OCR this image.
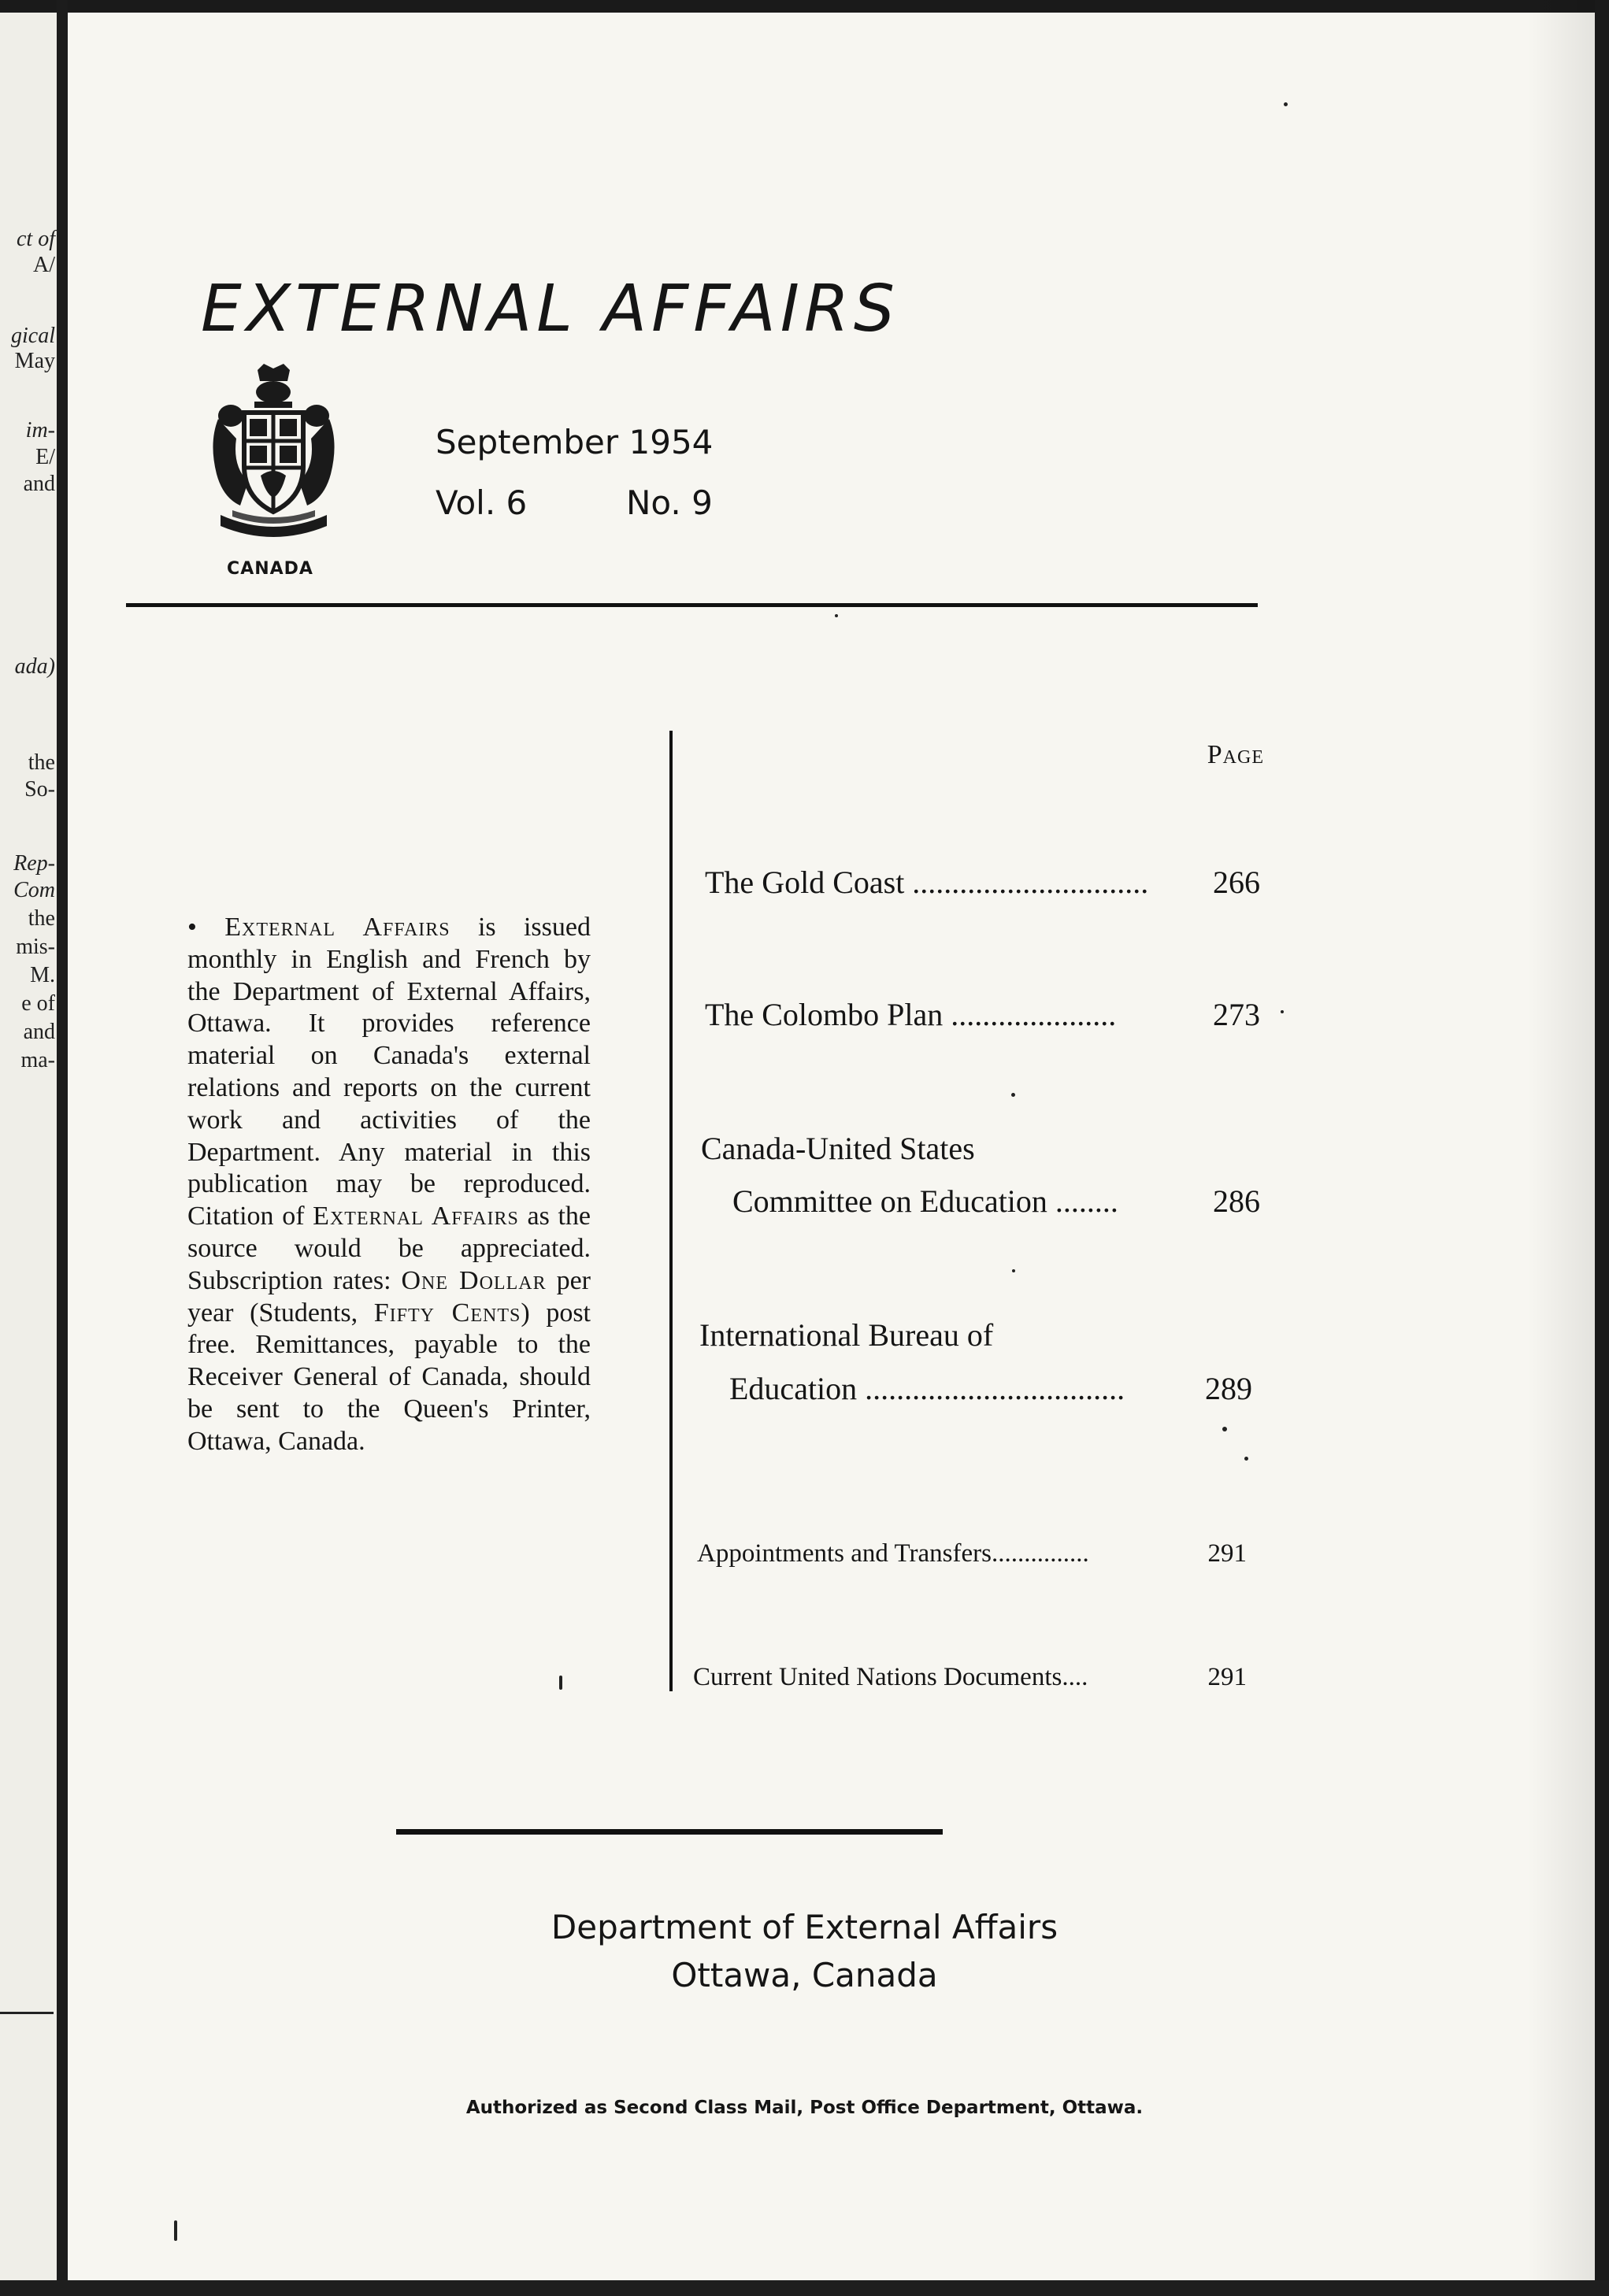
ct of
A/
gical
May
im-
E/
and
ada)
the
So-
Rep-
Com
the
mis-
M.
e of
and
ma-
EXTERNAL AFFAIRS
CANADA
September 1954
Vol. 6	No. 9
• External Affairs is issued monthly in English and French by the Department of External Affairs, Ottawa. It provides reference material on Canada's external relations and reports on the current work and activities of the Department. Any material in this publication may be reproduced. Citation of External Affairs as the source would be appreciated. Subscription rates: One Dollar per year (Students, Fifty Cents) post free. Remittances, payable to the Receiver General of Canada, should be sent to the Queen's Printer, Ottawa, Canada.
Page
The Gold Coast ..............................	266
The Colombo Plan .....................	273
Canada-United States
Committee on Education ........	286
International Bureau of
Education .................................	289
Appointments and Transfers...............	291
Current United Nations Documents....	291
Department of External Affairs
Ottawa, Canada
Authorized as Second Class Mail, Post Office Department, Ottawa.
